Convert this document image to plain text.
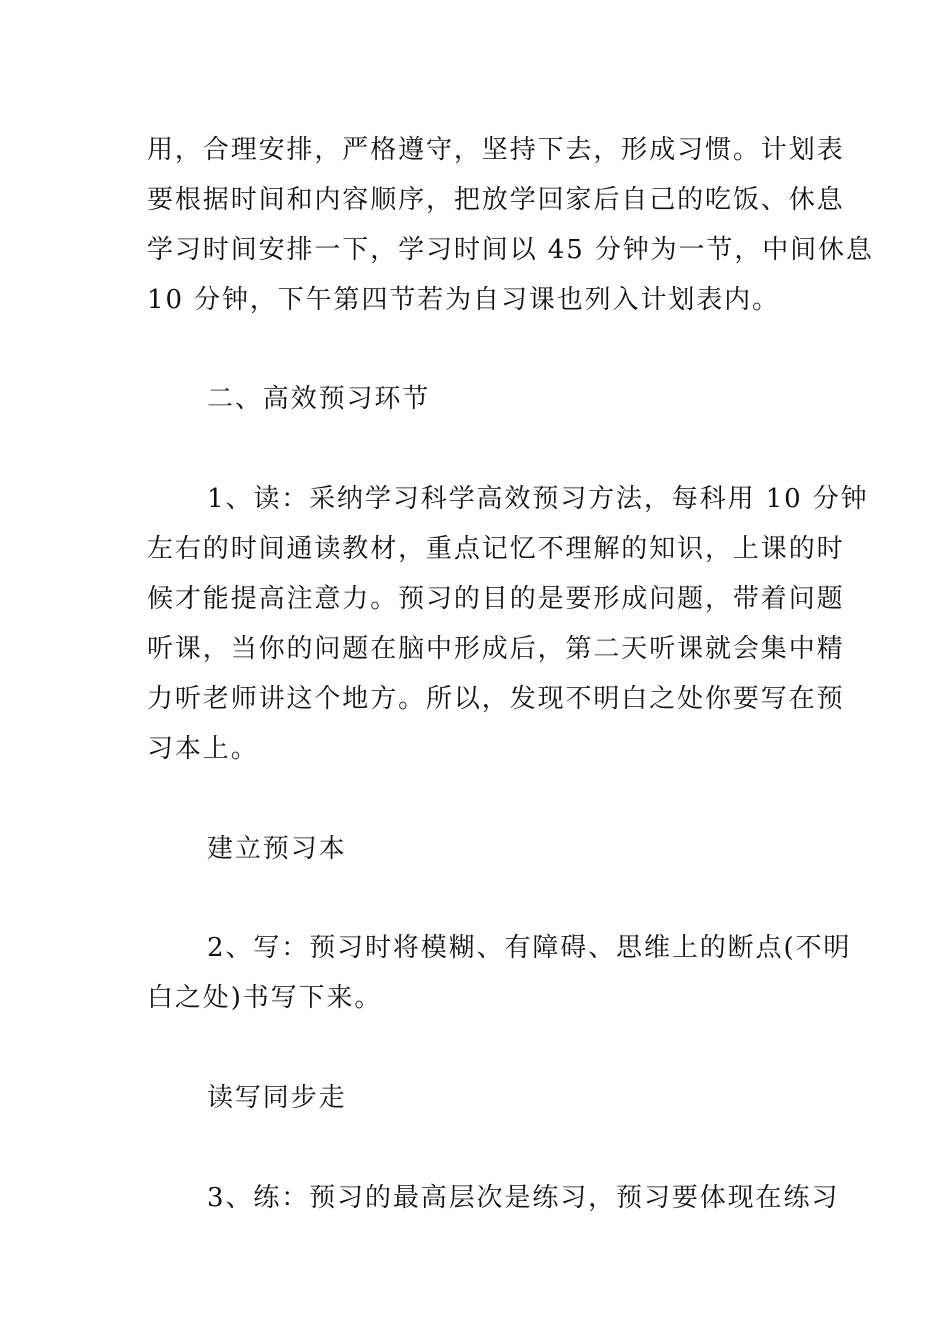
用，合理安排，严格遵守，坚持下去，形成习惯。计划表
要根据时间和内容顺序，把放学回家后自己的吃饭、休息
学习时间安排一下，学习时间以 45 分钟为一节，中间休息
10 分钟，下午第四节若为自习课也列入计划表内。
二、高效预习环节
1、读：采纳学习科学高效预习方法，每科用 10 分钟
左右的时间通读教材，重点记忆不理解的知识，上课的时
候才能提高注意力。预习的目的是要形成问题，带着问题
听课，当你的问题在脑中形成后，第二天听课就会集中精
力听老师讲这个地方。所以，发现不明白之处你要写在预
习本上。
建立预习本
2、写：预习时将模糊、有障碍、思维上的断点(不明
白之处)书写下来。
读写同步走
3、练：预习的最高层次是练习，预习要体现在练习
